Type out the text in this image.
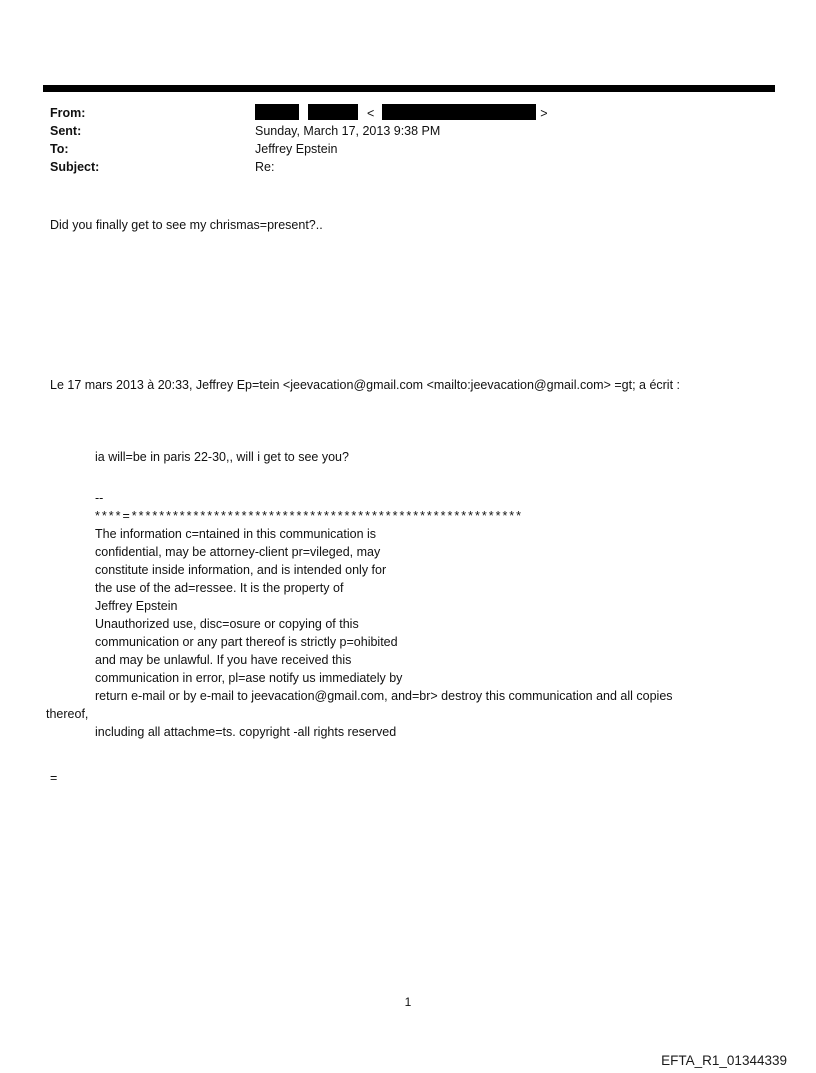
From:	<	>
Sent:	Sunday, March 17, 2013 9:38 PM
To:	Jeffrey Epstein
Subject:	Re:
Did you finally get to see my chrismas=present?..
Le 17 mars 2013 à 20:33, Jeffrey Ep=tein <jeevacation@gmail.com <mailto:jeevacation@gmail.com> =gt; a écrit :
ia will=be in paris 22-30,, will i get to see you?
--
****=*********************************************************
The information c=ntained in this communication is
confidential, may be attorney-client pr=vileged, may
constitute inside information, and is intended only for
the use of the ad=ressee. It is the property of
Jeffrey Epstein
Unauthorized use, disc=osure or copying of this
communication or any part thereof is strictly p=ohibited
and may be unlawful. If you have received this
communication in error, pl=ase notify us immediately by
return e-mail or by e-mail to jeevacation@gmail.com, and=br> destroy this communication and all copies
thereof,
including all attachme=ts. copyright -all rights reserved
=
1
EFTA_R1_01344339
